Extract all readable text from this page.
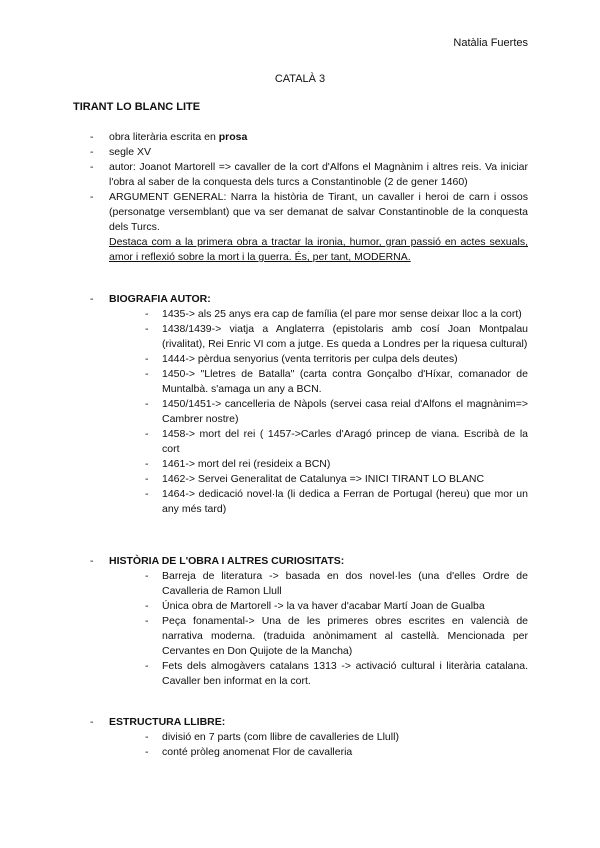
Natàlia Fuertes
CATALÀ 3
TIRANT LO BLANC LITE
- obra literària escrita en prosa
- segle XV
- autor: Joanot Martorell => cavaller de la cort d'Alfons el Magnànim i altres reis. Va iniciar l'obra al saber de la conquesta dels turcs a Constantinoble (2 de gener 1460)
- ARGUMENT GENERAL: Narra la història de Tirant, un cavaller i heroi de carn i ossos (personatge versemblant) que va ser demanat de salvar Constantinoble de la conquesta dels Turcs.
Destaca com a la primera obra a tractar la ironia, humor, gran passió en actes sexuals, amor i reflexió sobre la mort i la guerra. És, per tant, MODERNA.
- BIOGRAFIA AUTOR:
- 1435-> als 25 anys era cap de família (el pare mor sense deixar lloc a la cort)
- 1438/1439-> viatja a Anglaterra (epistolaris amb cosí Joan Montpalau (rivalitat), Rei Enric VI com a jutge. Es queda a Londres per la riquesa cultural)
- 1444-> pèrdua senyorius (venta territoris per culpa dels deutes)
- 1450-> "Lletres de Batalla" (carta contra Gonçalbo d'Híxar, comanador de Muntalbà. s'amaga un any a BCN.
- 1450/1451-> cancelleria de Nàpols (servei casa reial d'Alfons el magnànim=> Cambrer nostre)
- 1458-> mort del rei ( 1457->Carles d'Aragó princep de viana. Escribà de la cort
- 1461-> mort del rei (resideix a BCN)
- 1462-> Servei Generalitat de Catalunya => INICI TIRANT LO BLANC
- 1464-> dedicació novel·la (li dedica a Ferran de Portugal (hereu) que mor un any més tard)
- HISTÒRIA DE L'OBRA I ALTRES CURIOSITATS:
- Barreja de literatura -> basada en dos novel·les (una d'elles Ordre de Cavalleria de Ramon Llull
- Única obra de Martorell -> la va haver d'acabar Martí Joan de Gualba
- Peça fonamental-> Una de les primeres obres escrites en valencià de narrativa moderna. (traduida anònimament al castellà. Mencionada per Cervantes en Don Quijote de la Mancha)
- Fets dels almogàvers catalans 1313 -> activació cultural i literària catalana. Cavaller ben informat en la cort.
- ESTRUCTURA LLIBRE:
- divisió en 7 parts (com llibre de cavalleries de Llull)
- conté pròleg anomenat Flor de cavalleria
